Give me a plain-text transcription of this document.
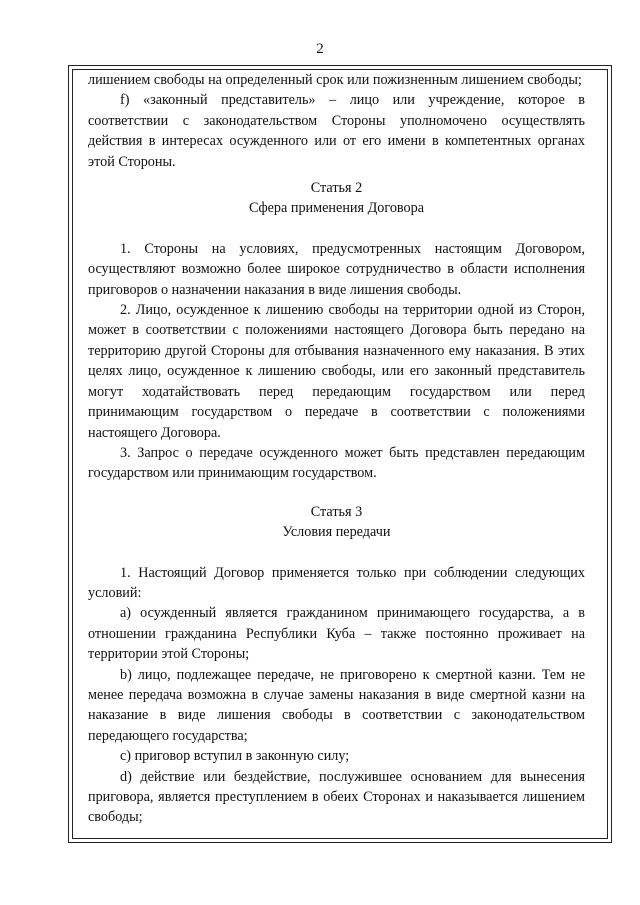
2

лишением свободы на определенный срок или пожизненным лишением свободы;

f) «законный представитель» – лицо или учреждение, которое в соответствии с законодательством Стороны уполномочено осуществлять действия в интересах осужденного или от его имени в компетентных органах этой Стороны.

Статья 2

Сфера применения Договора

1. Стороны на условиях, предусмотренных настоящим Договором, осуществляют возможно более широкое сотрудничество в области исполнения приговоров о назначении наказания в виде лишения свободы.

2. Лицо, осужденное к лишению свободы на территории одной из Сторон, может в соответствии с положениями настоящего Договора быть передано на территорию другой Стороны для отбывания назначенного ему наказания. В этих целях лицо, осужденное к лишению свободы, или его законный представитель могут ходатайствовать перед передающим государством или перед принимающим государством о передаче в соответствии с положениями настоящего Договора.

3. Запрос о передаче осужденного может быть представлен передающим государством или принимающим государством.

Статья 3

Условия передачи

1. Настоящий Договор применяется только при соблюдении следующих условий:

а) осужденный является гражданином принимающего государства, а в отношении гражданина Республики Куба – также постоянно проживает на территории этой Стороны;

b) лицо, подлежащее передаче, не приговорено к смертной казни. Тем не менее передача возможна в случае замены наказания в виде смертной казни на наказание в виде лишения свободы в соответствии с законодательством передающего государства;

с) приговор вступил в законную силу;

d) действие или бездействие, послужившее основанием для вынесения приговора, является преступлением в обеих Сторонах и наказывается лишением свободы;
